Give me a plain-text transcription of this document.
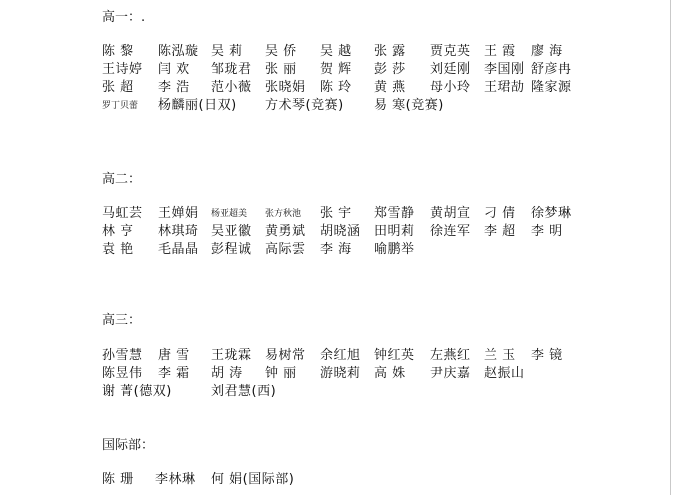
高一：.
陈 黎 陈泓璇 吴 莉 吴 侨 吴 越 张 露 贾克英 王 霞 廖 海
王诗婷 闫 欢 邹珑君 张 丽 贺 辉 彭 莎 刘廷刚 李国刚 舒彦冉
张 超 李 浩 范小薇 张晓娟 陈 玲 黄 燕 母小玲 王珺劼 隆家源
罗丁贝蕾 杨麟丽(日双) 方术琴(竞赛) 易 寒(竞赛)
高二：
马虹芸 王婵娟 杨亚超美 张方秋池 张 宇 郑雪静 黄胡宣 刁 倩 徐梦琳
林 亨 林琪琦 吴亚徽 黄勇斌 胡晓涵 田明莉 徐连军 李 超 李 明
袁 艳 毛晶晶 彭程诚 高际雲 李 海 喻鹏举
高三：
孙雪慧 唐 雪 王珑霖 易树常 余红旭 钟红英 左燕红 兰 玉 李 镜
陈昱伟 李 霜 胡 涛 钟 丽 游晓莉 高 姝 尹庆嘉 赵振山
谢 菁(德双)	刘君慧(西)
国际部：
陈 珊 李林琳 何 娟(国际部)
